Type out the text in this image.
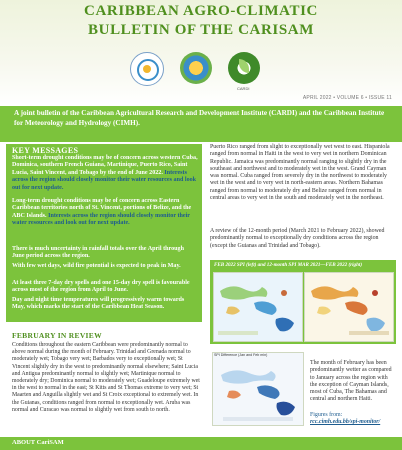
CARIBBEAN AGRO-CLIMATIC
BULLETIN OF THE CARISAM
CARDI
APRIL 2022 • VOLUME 6 • ISSUE 11
A joint bulletin of the Caribbean Agricultural Research and Development Institute (CARDI) and the Caribbean Institute for Meteorology and Hydrology (CIMH).
KEY MESSAGES
Short-term drought conditions may be of concern across western Cuba, Dominica, southern French Guiana, Martinique, Puerto Rico, Saint Lucia, Saint Vincent, and Tobago by the end of June 2022. Interests across the region should closely monitor their water resources and look out for next update.
Long-term drought conditions may be of concern across Eastern Caribbean territories north of St. Vincent, portions of Belize, and the ABC Islands. Interests across the region should closely monitor their water resources and look out for next update.
There is much uncertainty in rainfall totals over the April through June period across the region.
With few wet days, wild fire potential is expected to peak in May.
At least three 7-day dry spells and one 15-day dry spell is favourable across most of the region from April to June.
Day and night time temperatures will progressively warm towards May, which marks the start of the Caribbean Heat Season.
FEBRUARY IN REVIEW
Conditions throughout the eastern Caribbean were predominantly normal to above normal during the month of February. Trinidad and Grenada normal to moderately wet; Tobago very wet; Barbados very to exceptionally wet; St Vincent slightly dry in the west to predominantly normal elsewhere; Saint Lucia and Antigua predominantly normal to slightly wet; Martinique normal to moderately dry; Dominica normal to moderately wet; Guadeloupe extremely wet in the west to normal in the east; St Kitts and St Thomas extreme to very wet; St Maarten and Anguilla slightly wet and St Croix exceptional to extremely wet. In the Guianas, conditions ranged from normal to exceptionally wet. Aruba was normal and Curacao was normal to slightly wet from south to north.
Puerto Rico ranged from slight to exceptionally wet west to east. Hispaniola ranged from normal in Haiti in the west to very wet in northern Dominican Republic. Jamaica was predominantly normal ranging to slightly dry in the southeast and northwest and to moderately wet in the west. Grand Cayman was normal. Cuba ranged from severely dry in the northwest to moderately wet in the west and to very wet in north-eastern areas. Northern Bahamas ranged from normal to moderately dry and Belize ranged from normal in central areas to very wet in the south and moderately wet in the northeast.
A review of the 12-month period (March 2021 to February 2022), showed predominantly normal to exceptionally dry conditions across the region (except the Guianas and Trinidad and Tobago).
FEB 2022 SPI (left) and 12-month SPI MAR 2021—FEB 2022 (right)
SPI Difference (Jan and Feb min)
The month of February has been predominantly wetter as compared to January across the region with the exception of Cayman Islands, most of Cuba, The Bahamas and central and northern Haiti.
Figures from:
rcc.cimh.edu.bb/spi-monitor/
ABOUT CariSAM
